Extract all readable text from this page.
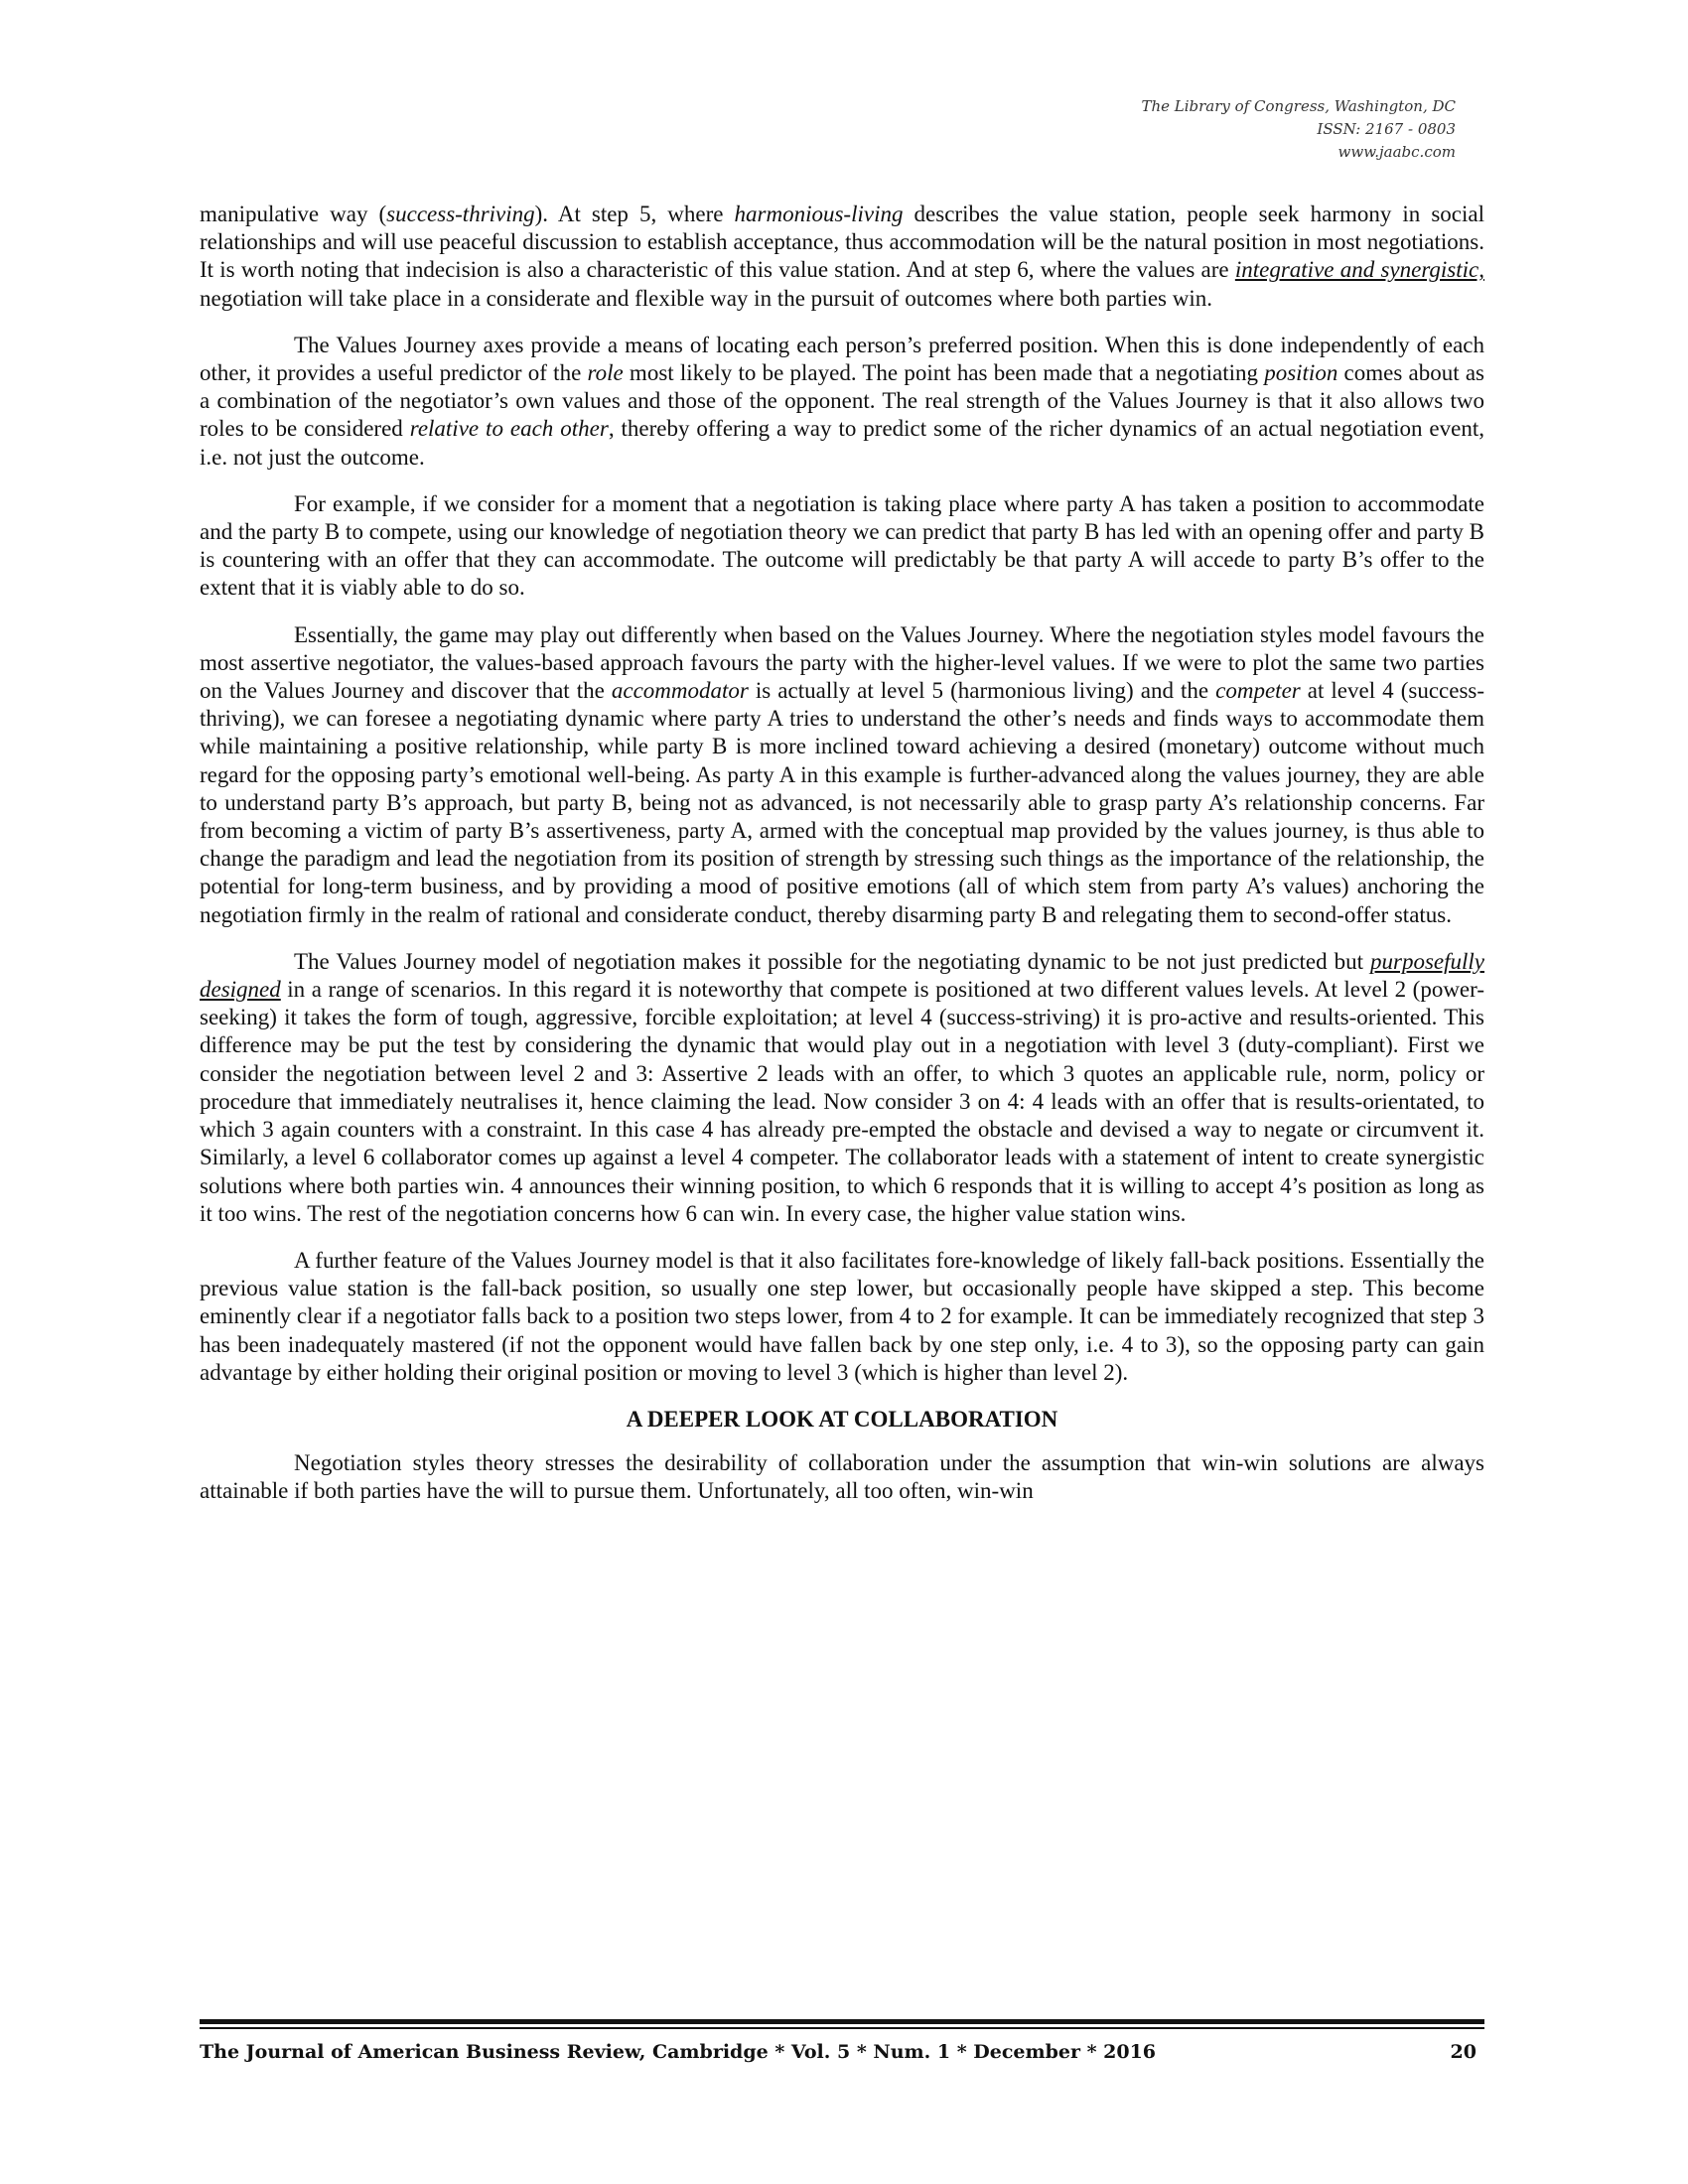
The Library of Congress, Washington, DC
ISSN: 2167 - 0803
www.jaabc.com

manipulative way (success-thriving). At step 5, where harmonious-living describes the value station, people seek harmony in social relationships and will use peaceful discussion to establish acceptance, thus accommodation will be the natural position in most negotiations. It is worth noting that indecision is also a characteristic of this value station. And at step 6, where the values are integrative and synergistic, negotiation will take place in a considerate and flexible way in the pursuit of outcomes where both parties win.

The Values Journey axes provide a means of locating each person’s preferred position. When this is done independently of each other, it provides a useful predictor of the role most likely to be played. The point has been made that a negotiating position comes about as a combination of the negotiator’s own values and those of the opponent. The real strength of the Values Journey is that it also allows two roles to be considered relative to each other, thereby offering a way to predict some of the richer dynamics of an actual negotiation event, i.e. not just the outcome.

For example, if we consider for a moment that a negotiation is taking place where party A has taken a position to accommodate and the party B to compete, using our knowledge of negotiation theory we can predict that party B has led with an opening offer and party B is countering with an offer that they can accommodate. The outcome will predictably be that party A will accede to party B’s offer to the extent that it is viably able to do so.

Essentially, the game may play out differently when based on the Values Journey. Where the negotiation styles model favours the most assertive negotiator, the values-based approach favours the party with the higher-level values. If we were to plot the same two parties on the Values Journey and discover that the accommodator is actually at level 5 (harmonious living) and the competer at level 4 (success-thriving), we can foresee a negotiating dynamic where party A tries to understand the other’s needs and finds ways to accommodate them while maintaining a positive relationship, while party B is more inclined toward achieving a desired (monetary) outcome without much regard for the opposing party’s emotional well-being. As party A in this example is further-advanced along the values journey, they are able to understand party B’s approach, but party B, being not as advanced, is not necessarily able to grasp party A’s relationship concerns. Far from becoming a victim of party B’s assertiveness, party A, armed with the conceptual map provided by the values journey, is thus able to change the paradigm and lead the negotiation from its position of strength by stressing such things as the importance of the relationship, the potential for long-term business, and by providing a mood of positive emotions (all of which stem from party A’s values) anchoring the negotiation firmly in the realm of rational and considerate conduct, thereby disarming party B and relegating them to second-offer status.

The Values Journey model of negotiation makes it possible for the negotiating dynamic to be not just predicted but purposefully designed in a range of scenarios. In this regard it is noteworthy that compete is positioned at two different values levels. At level 2 (power-seeking) it takes the form of tough, aggressive, forcible exploitation; at level 4 (success-striving) it is pro-active and results-oriented. This difference may be put the test by considering the dynamic that would play out in a negotiation with level 3 (duty-compliant). First we consider the negotiation between level 2 and 3: Assertive 2 leads with an offer, to which 3 quotes an applicable rule, norm, policy or procedure that immediately neutralises it, hence claiming the lead. Now consider 3 on 4: 4 leads with an offer that is results-orientated, to which 3 again counters with a constraint. In this case 4 has already pre-empted the obstacle and devised a way to negate or circumvent it. Similarly, a level 6 collaborator comes up against a level 4 competer. The collaborator leads with a statement of intent to create synergistic solutions where both parties win. 4 announces their winning position, to which 6 responds that it is willing to accept 4’s position as long as it too wins. The rest of the negotiation concerns how 6 can win. In every case, the higher value station wins.

A further feature of the Values Journey model is that it also facilitates fore-knowledge of likely fall-back positions. Essentially the previous value station is the fall-back position, so usually one step lower, but occasionally people have skipped a step. This become eminently clear if a negotiator falls back to a position two steps lower, from 4 to 2 for example. It can be immediately recognized that step 3 has been inadequately mastered (if not the opponent would have fallen back by one step only, i.e. 4 to 3), so the opposing party can gain advantage by either holding their original position or moving to level 3 (which is higher than level 2).

A DEEPER LOOK AT COLLABORATION

Negotiation styles theory stresses the desirability of collaboration under the assumption that win-win solutions are always attainable if both parties have the will to pursue them. Unfortunately, all too often, win-win

The Journal of American Business Review, Cambridge * Vol. 5 * Num. 1 * December * 2016	20
